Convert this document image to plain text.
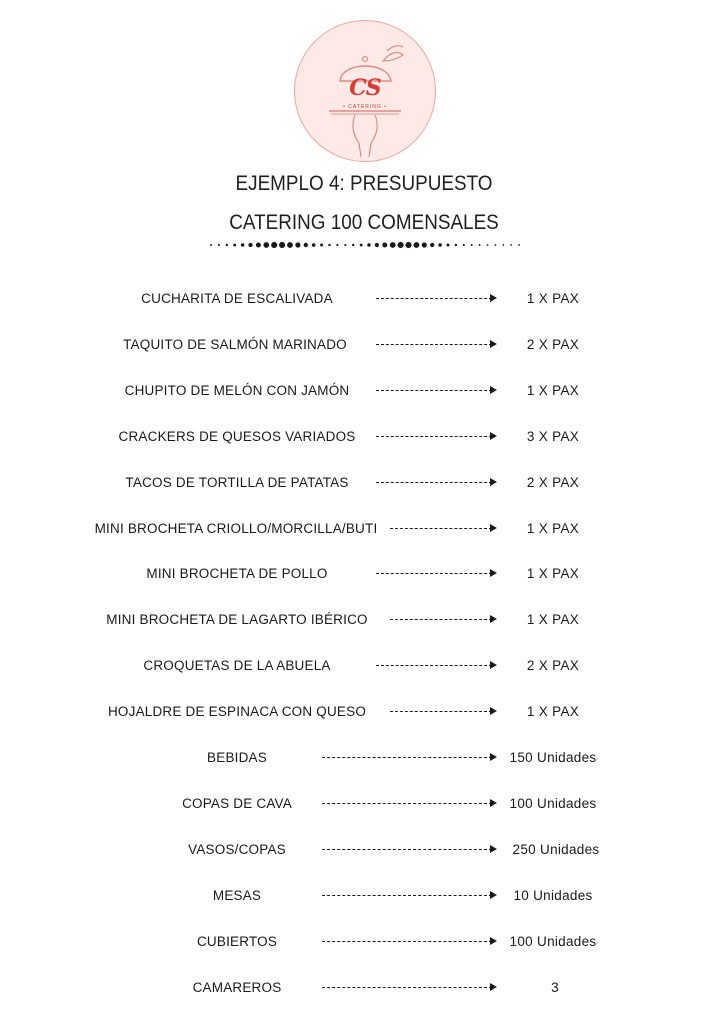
CS
• CATERING •
EJEMPLO 4: PRESUPUESTO
CATERING 100 COMENSALES
CUCHARITA DE ESCALIVADA	1 X PAX
TAQUITO DE SALMÓN MARINADO	2 X PAX
CHUPITO DE MELÓN CON JAMÓN	1 X PAX
CRACKERS DE QUESOS VARIADOS	3 X PAX
TACOS DE TORTILLA DE PATATAS	2 X PAX
MINI BROCHETA CRIOLLO/MORCILLA/BUTI	1 X PAX
MINI BROCHETA DE POLLO	1 X PAX
MINI BROCHETA DE LAGARTO IBÉRICO	1 X PAX
CROQUETAS DE LA ABUELA	2 X PAX
HOJALDRE DE ESPINACA CON QUESO	1 X PAX
BEBIDAS	150 Unidades
COPAS DE CAVA	100 Unidades
VASOS/COPAS	250 Unidades
MESAS	10 Unidades
CUBIERTOS	100 Unidades
CAMAREROS	3
